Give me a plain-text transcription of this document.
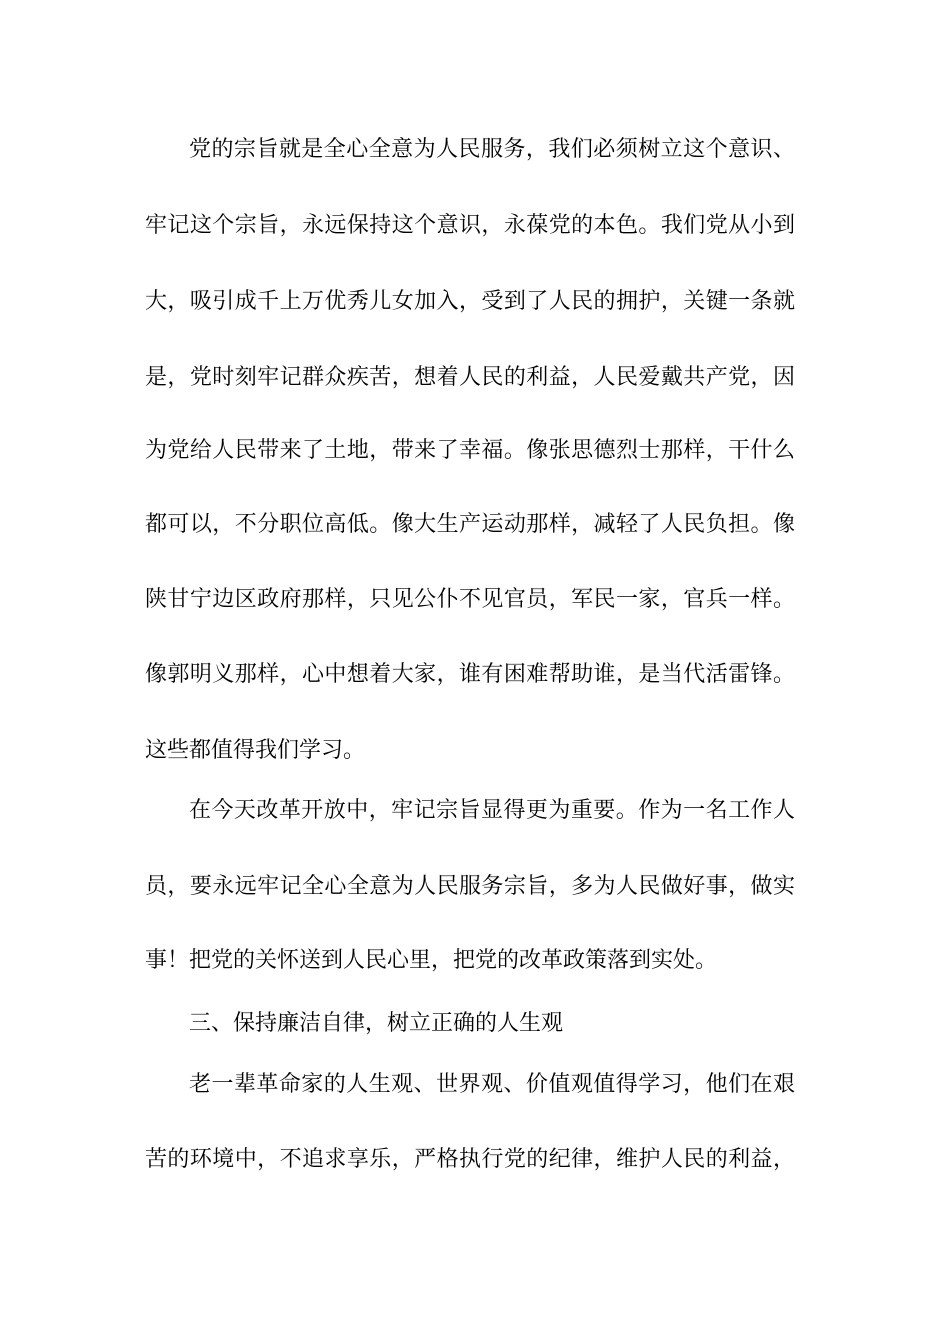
党的宗旨就是全心全意为人民服务，我们必须树立这个意识、
牢记这个宗旨，永远保持这个意识，永葆党的本色。我们党从小到
大，吸引成千上万优秀儿女加入，受到了人民的拥护，关键一条就
是，党时刻牢记群众疾苦，想着人民的利益，人民爱戴共产党，因
为党给人民带来了土地，带来了幸福。像张思德烈士那样，干什么
都可以，不分职位高低。像大生产运动那样，减轻了人民负担。像
陕甘宁边区政府那样，只见公仆不见官员，军民一家，官兵一样。
像郭明义那样，心中想着大家，谁有困难帮助谁，是当代活雷锋。
这些都值得我们学习。
在今天改革开放中，牢记宗旨显得更为重要。作为一名工作人
员，要永远牢记全心全意为人民服务宗旨，多为人民做好事，做实
事！把党的关怀送到人民心里，把党的改革政策落到实处。
三、保持廉洁自律，树立正确的人生观
老一辈革命家的人生观、世界观、价值观值得学习，他们在艰
苦的环境中，不追求享乐，严格执行党的纪律，维护人民的利益，
